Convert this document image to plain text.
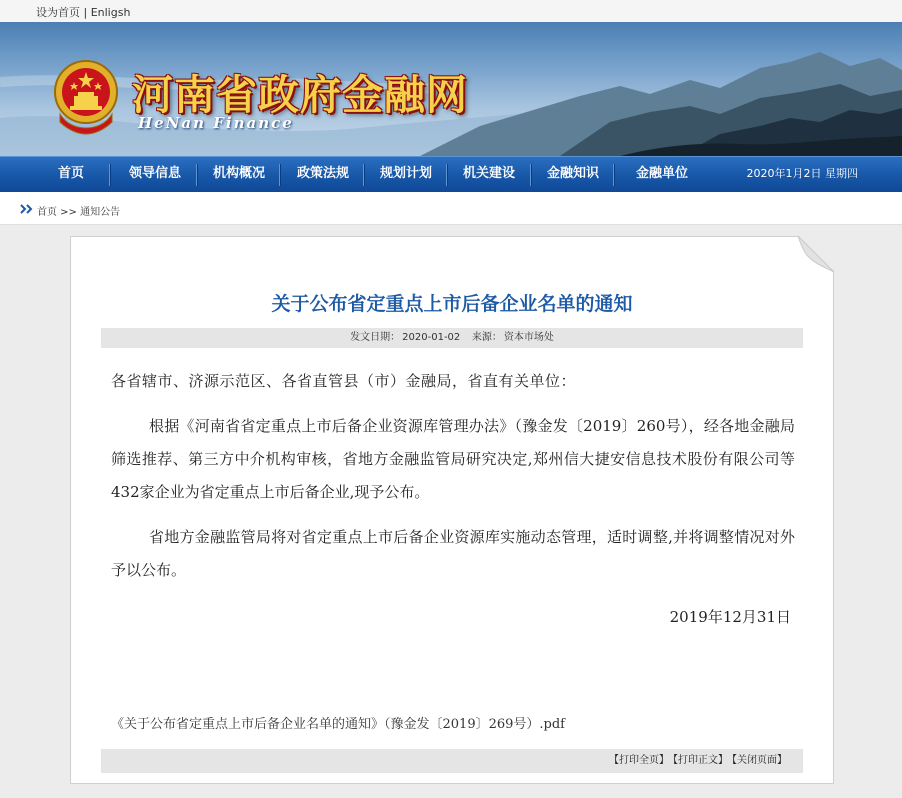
设为首页 | Enligsh
河南省政府金融网
HeNan Finance
首页	领导信息	机构概况	政策法规	规划计划	机关建设	金融知识	金融单位	2020年1月2日 星期四
首页 >> 通知公告
关于公布省定重点上市后备企业名单的通知
发文日期： 2020-01-02 来源： 资本市场处

各省辖市、济源示范区、各省直管县（市）金融局，省直有关单位：

根据《河南省省定重点上市后备企业资源库管理办法》（豫金发〔2019〕260号），经各地金融局筛选推荐、第三方中介机构审核，省地方金融监管局研究决定,郑州信大捷安信息技术股份有限公司等432家企业为省定重点上市后备企业,现予公布。

省地方金融监管局将对省定重点上市后备企业资源库实施动态管理，适时调整,并将调整情况对外予以公布。

2019年12月31日

《关于公布省定重点上市后备企业名单的通知》（豫金发〔2019〕269号）.pdf
【打印全页】 【打印正文】 【关闭页面】
